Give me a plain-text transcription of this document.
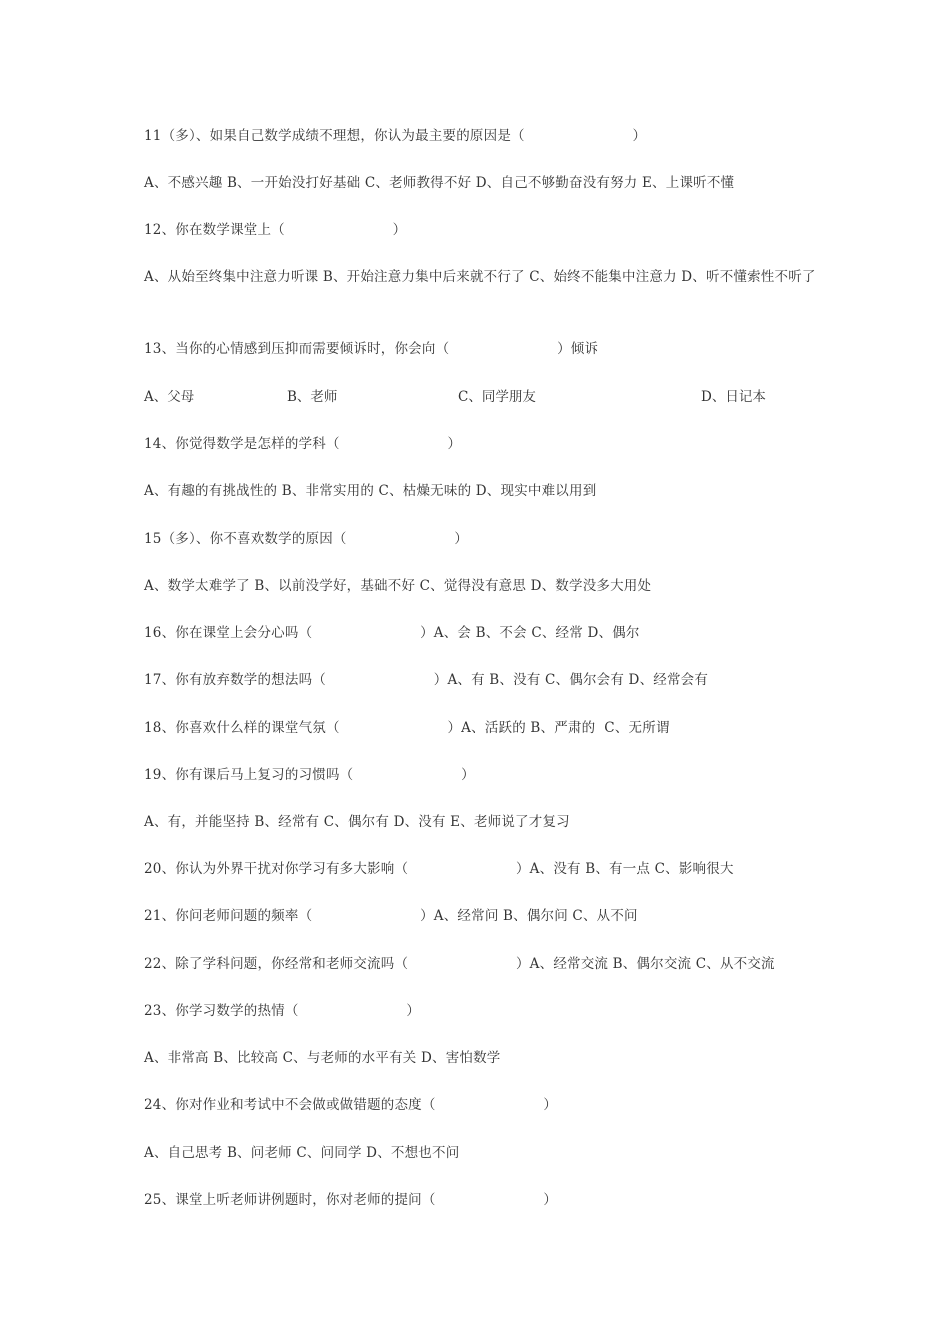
11（多）、如果自己数学成绩不理想，你认为最主要的原因是（                        ）
A、不感兴趣 B、一开始没打好基础 C、老师教得不好 D、自己不够勤奋没有努力 E、上课听不懂
12、你在数学课堂上（                        ）
A、从始至终集中注意力听课 B、开始注意力集中后来就不行了 C、始终不能集中注意力 D、听不懂索性不听了
13、当你的心情感到压抑而需要倾诉时，你会向（                        ）倾诉
A、父母	B、老师	C、同学朋友	D、日记本
14、你觉得数学是怎样的学科（                        ）
A、有趣的有挑战性的 B、非常实用的 C、枯燥无味的 D、现实中难以用到
15（多）、你不喜欢数学的原因（                        ）
A、数学太难学了 B、以前没学好，基础不好 C、觉得没有意思 D、数学没多大用处
16、你在课堂上会分心吗（                        ）A、会 B、不会 C、经常 D、偶尔
17、你有放弃数学的想法吗（                        ）A、有 B、没有 C、偶尔会有 D、经常会有
18、你喜欢什么样的课堂气氛（                        ）A、活跃的 B、严肃的  C、无所谓
19、你有课后马上复习的习惯吗（                        ）
A、有，并能坚持 B、经常有 C、偶尔有 D、没有 E、老师说了才复习
20、你认为外界干扰对你学习有多大影响（                        ）A、没有 B、有一点 C、影响很大
21、你问老师问题的频率（                        ）A、经常问 B、偶尔问 C、从不问
22、除了学科问题，你经常和老师交流吗（                        ）A、经常交流 B、偶尔交流 C、从不交流
23、你学习数学的热情（                        ）
A、非常高 B、比较高 C、与老师的水平有关 D、害怕数学
24、你对作业和考试中不会做或做错题的态度（                        ）
A、自己思考 B、问老师 C、问同学 D、不想也不问
25、课堂上听老师讲例题时，你对老师的提问（                        ）
